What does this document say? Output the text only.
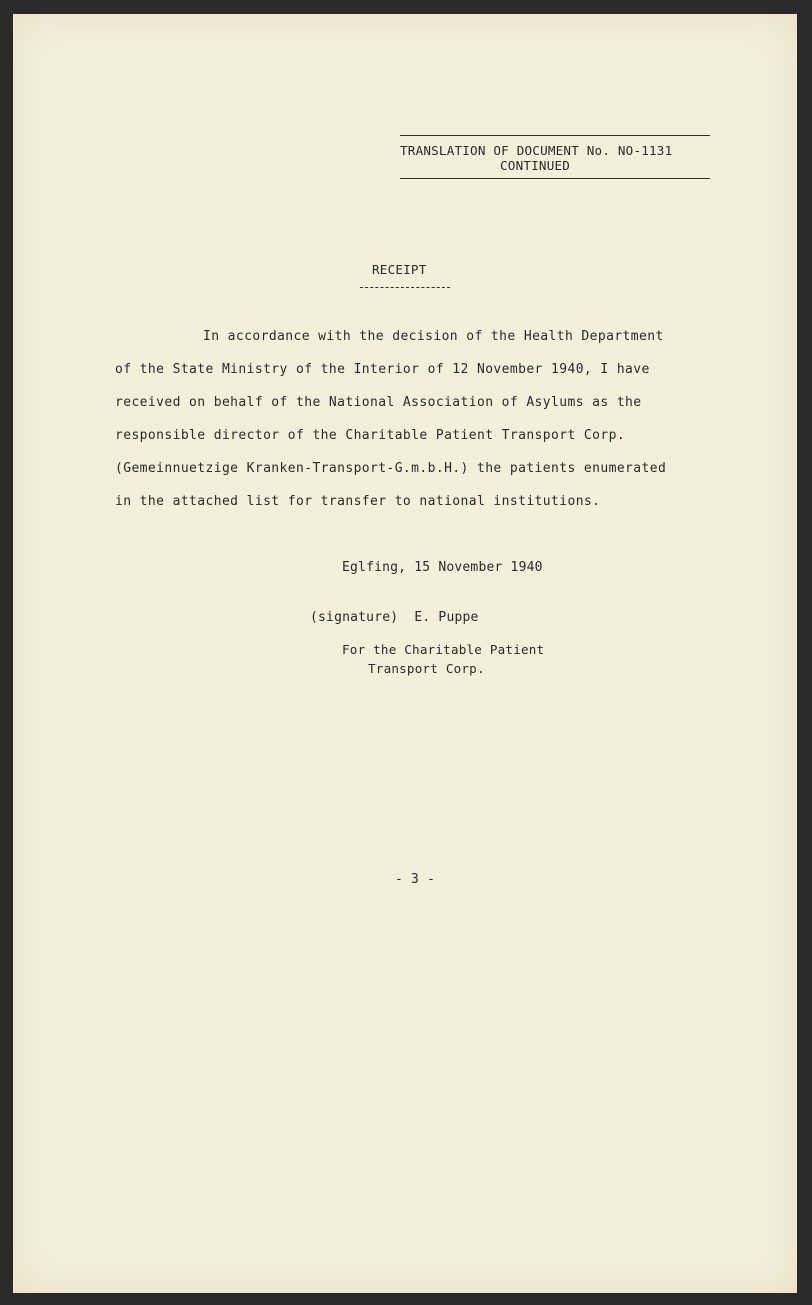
TRANSLATION OF DOCUMENT No. NO-1131
CONTINUED
RECEIPT
In accordance with the decision of the Health Department
of the State Ministry of the Interior of 12 November 1940, I have
received on behalf of the National Association of Asylums as the
responsible director of the Charitable Patient Transport Corp.
(Gemeinnuetzige Kranken-Transport-G.m.b.H.) the patients enumerated
in the attached list for transfer to national institutions.
Eglfing, 15 November 1940
(signature)  E. Puppe
For the Charitable Patient
Transport Corp.
- 3 -
